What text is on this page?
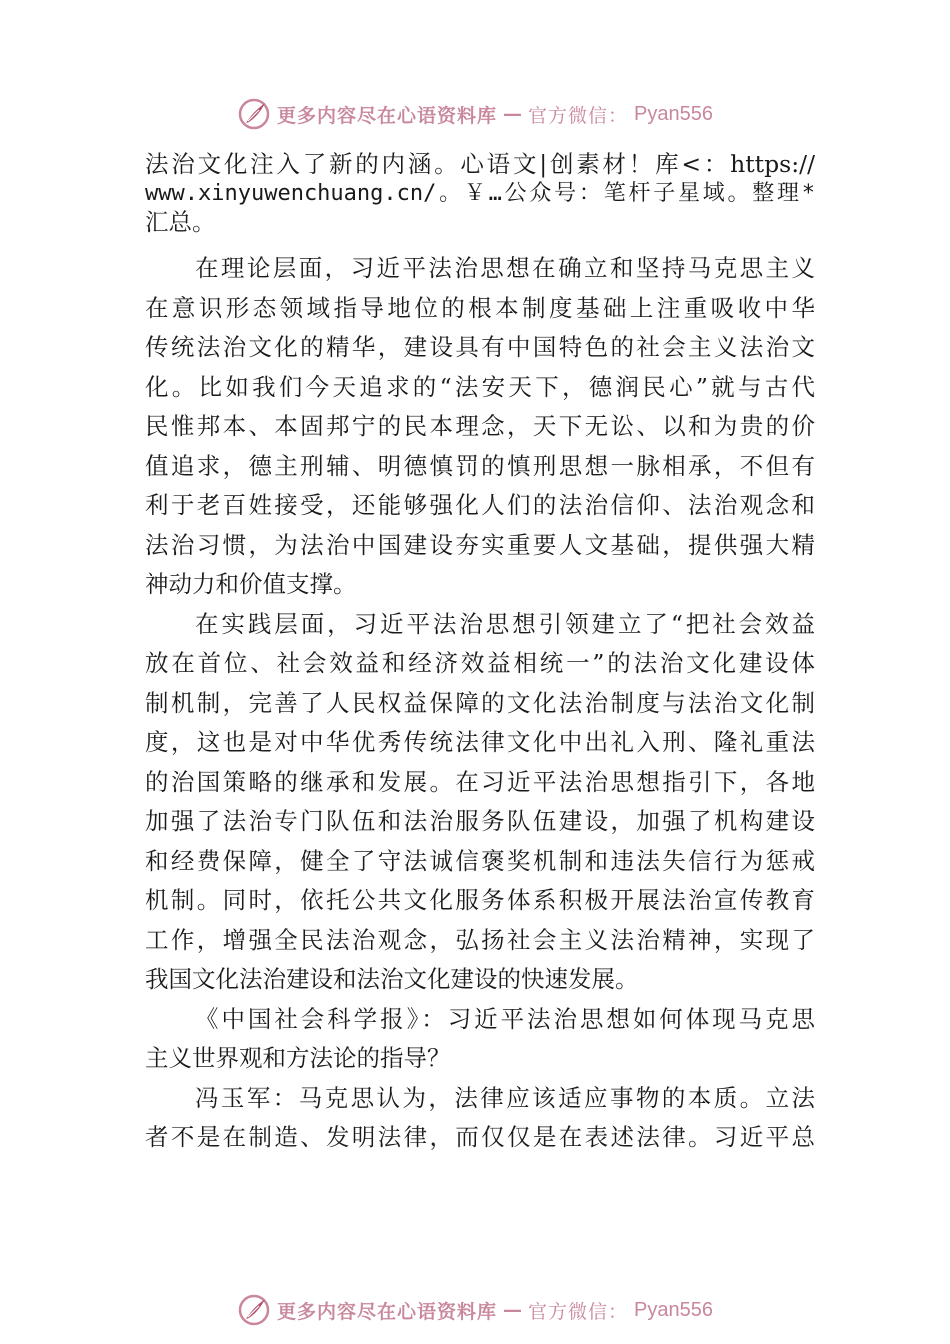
更多内容尽在心语资料库 — 官方微信： Pyan556
法治文化注入了新的内涵。心语文|创素材！库<：https://
www.xinyuwenchuang.cn/。￥…公众号：笔杆子星域。整理*
汇总。
在理论层面，习近平法治思想在确立和坚持马克思主义
在意识形态领域指导地位的根本制度基础上注重吸收中华
传统法治文化的精华，建设具有中国特色的社会主义法治文
化。比如我们今天追求的“法安天下，德润民心”就与古代
民惟邦本、本固邦宁的民本理念，天下无讼、以和为贵的价
值追求，德主刑辅、明德慎罚的慎刑思想一脉相承，不但有
利于老百姓接受，还能够强化人们的法治信仰、法治观念和
法治习惯，为法治中国建设夯实重要人文基础，提供强大精
神动力和价值支撑。
在实践层面，习近平法治思想引领建立了“把社会效益
放在首位、社会效益和经济效益相统一”的法治文化建设体
制机制，完善了人民权益保障的文化法治制度与法治文化制
度，这也是对中华优秀传统法律文化中出礼入刑、隆礼重法
的治国策略的继承和发展。在习近平法治思想指引下，各地
加强了法治专门队伍和法治服务队伍建设，加强了机构建设
和经费保障，健全了守法诚信褒奖机制和违法失信行为惩戒
机制。同时，依托公共文化服务体系积极开展法治宣传教育
工作，增强全民法治观念，弘扬社会主义法治精神，实现了
我国文化法治建设和法治文化建设的快速发展。
《中国社会科学报》：习近平法治思想如何体现马克思
主义世界观和方法论的指导？
冯玉军：马克思认为，法律应该适应事物的本质。立法
者不是在制造、发明法律，而仅仅是在表述法律。习近平总
更多内容尽在心语资料库 — 官方微信： Pyan556
